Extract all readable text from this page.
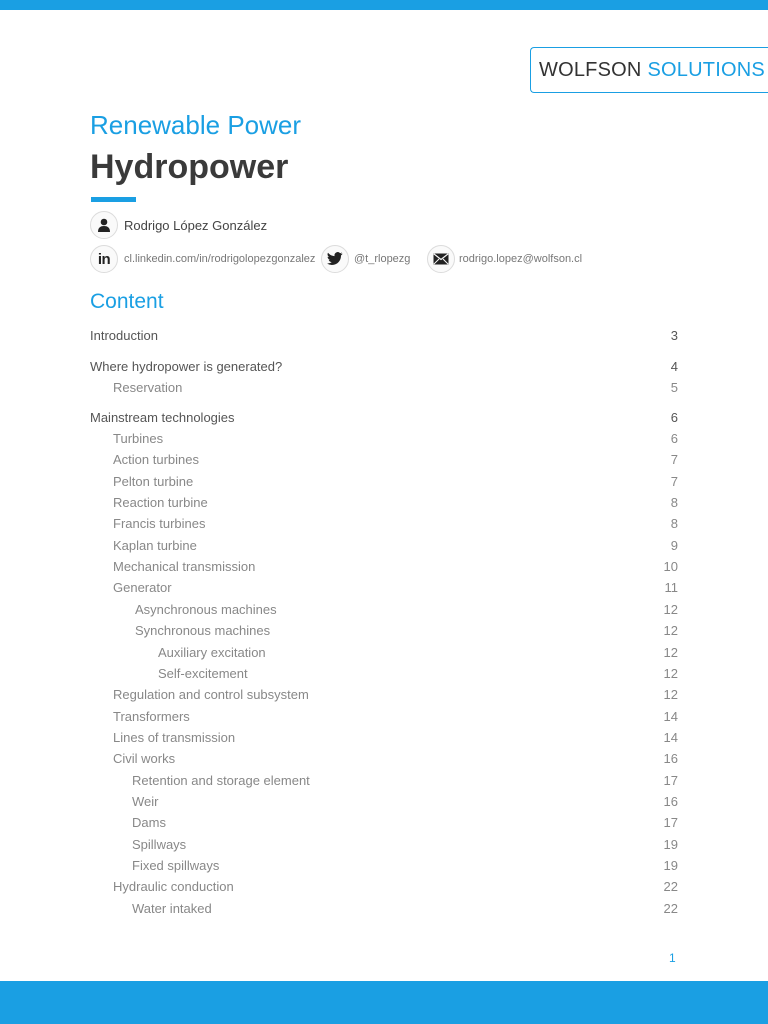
WOLFSON SOLUTIONS
Renewable Power
Hydropower
Rodrigo López González
in cl.linkedin.com/in/rodrigolopezgonzalez	@t_rlopezg	rodrigo.lopez@wolfson.cl
Content
Introduction	3
Where hydropower is generated?	4
Reservation	5
Mainstream technologies	6
Turbines	6
Action turbines	7
Pelton turbine	7
Reaction turbine	8
Francis turbines	8
Kaplan turbine	9
Mechanical transmission	10
Generator	11
Asynchronous machines	12
Synchronous machines	12
Auxiliary excitation	12
Self-excitement	12
Regulation and control subsystem	12
Transformers	14
Lines of transmission	14
Civil works	16
Retention and storage element	17
Weir	16
Dams	17
Spillways	19
Fixed spillways	19
Hydraulic conduction	22
Water intaked	22
1
